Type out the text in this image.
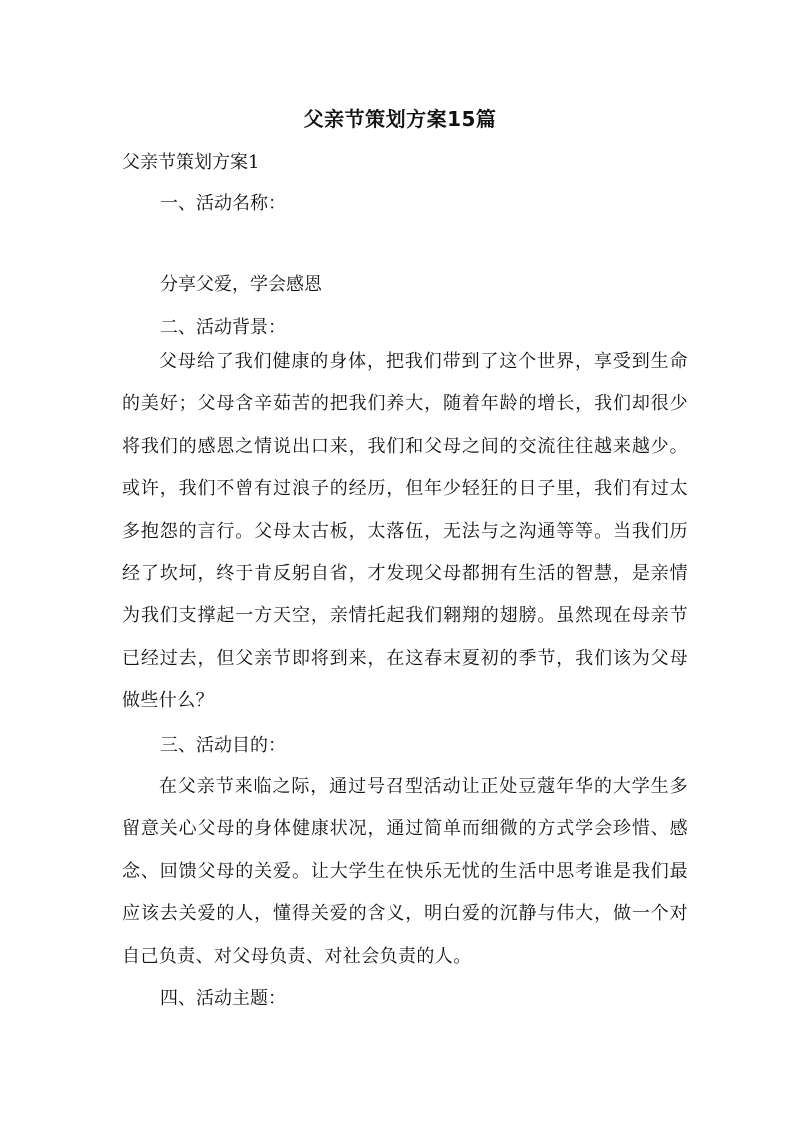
父亲节策划方案15篇
父亲节策划方案1
一、活动名称：
分享父爱，学会感恩
二、活动背景：
父母给了我们健康的身体，把我们带到了这个世界，享受到生命的美好；父母含辛茹苦的把我们养大，随着年龄的增长，我们却很少将我们的感恩之情说出口来，我们和父母之间的交流往往越来越少。或许，我们不曾有过浪子的经历，但年少轻狂的日子里，我们有过太多抱怨的言行。父母太古板，太落伍，无法与之沟通等等。当我们历经了坎坷，终于肯反躬自省，才发现父母都拥有生活的智慧，是亲情为我们支撑起一方天空，亲情托起我们翱翔的翅膀。虽然现在母亲节已经过去，但父亲节即将到来，在这春末夏初的季节，我们该为父母做些什么？
三、活动目的：
在父亲节来临之际，通过号召型活动让正处豆蔻年华的大学生多留意关心父母的身体健康状况，通过简单而细微的方式学会珍惜、感念、回馈父母的关爱。让大学生在快乐无忧的生活中思考谁是我们最应该去关爱的人，懂得关爱的含义，明白爱的沉静与伟大，做一个对自己负责、对父母负责、对社会负责的人。
四、活动主题：
